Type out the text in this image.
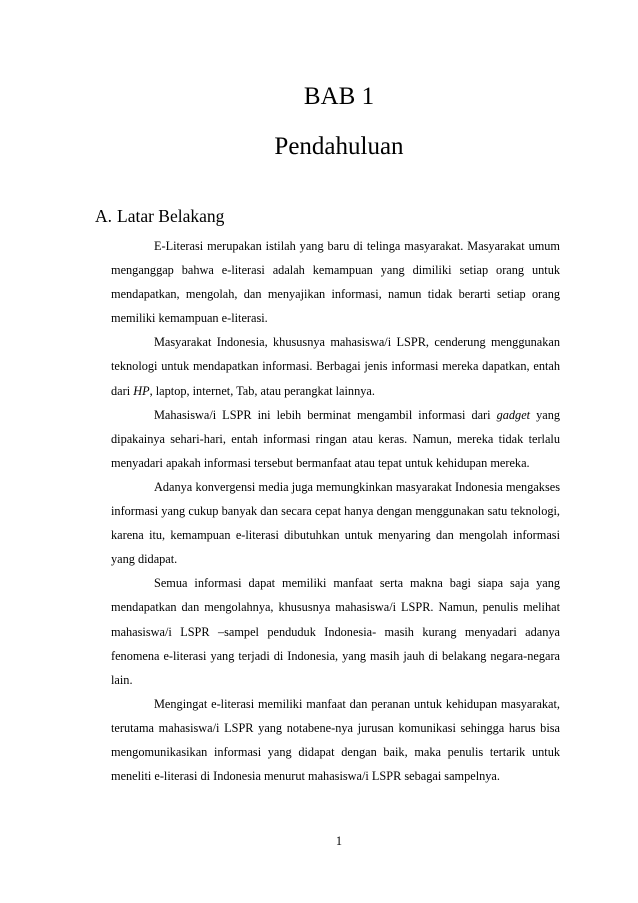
BAB 1
Pendahuluan
A. Latar Belakang

E-Literasi merupakan istilah yang baru di telinga masyarakat. Masyarakat umum menganggap bahwa e-literasi adalah kemampuan yang dimiliki setiap orang untuk mendapatkan, mengolah, dan menyajikan informasi, namun tidak berarti setiap orang memiliki kemampuan e-literasi.

Masyarakat Indonesia, khususnya mahasiswa/i LSPR, cenderung menggunakan teknologi untuk mendapatkan informasi. Berbagai jenis informasi mereka dapatkan, entah dari HP, laptop, internet, Tab, atau perangkat lainnya.

Mahasiswa/i LSPR ini lebih berminat mengambil informasi dari gadget yang dipakainya sehari-hari, entah informasi ringan atau keras. Namun, mereka tidak terlalu menyadari apakah informasi tersebut bermanfaat atau tepat untuk kehidupan mereka.

Adanya konvergensi media juga memungkinkan masyarakat Indonesia mengakses informasi yang cukup banyak dan secara cepat hanya dengan menggunakan satu teknologi, karena itu, kemampuan e-literasi dibutuhkan untuk menyaring dan mengolah informasi yang didapat.

Semua informasi dapat memiliki manfaat serta makna bagi siapa saja yang mendapatkan dan mengolahnya, khususnya mahasiswa/i LSPR. Namun, penulis melihat mahasiswa/i LSPR –sampel penduduk Indonesia- masih kurang menyadari adanya fenomena e-literasi yang terjadi di Indonesia, yang masih jauh di belakang negara-negara lain.

Mengingat e-literasi memiliki manfaat dan peranan untuk kehidupan masyarakat, terutama mahasiswa/i LSPR yang notabene-nya jurusan komunikasi sehingga harus bisa mengomunikasikan informasi yang didapat dengan baik, maka penulis tertarik untuk meneliti e-literasi di Indonesia menurut mahasiswa/i LSPR sebagai sampelnya.

1
